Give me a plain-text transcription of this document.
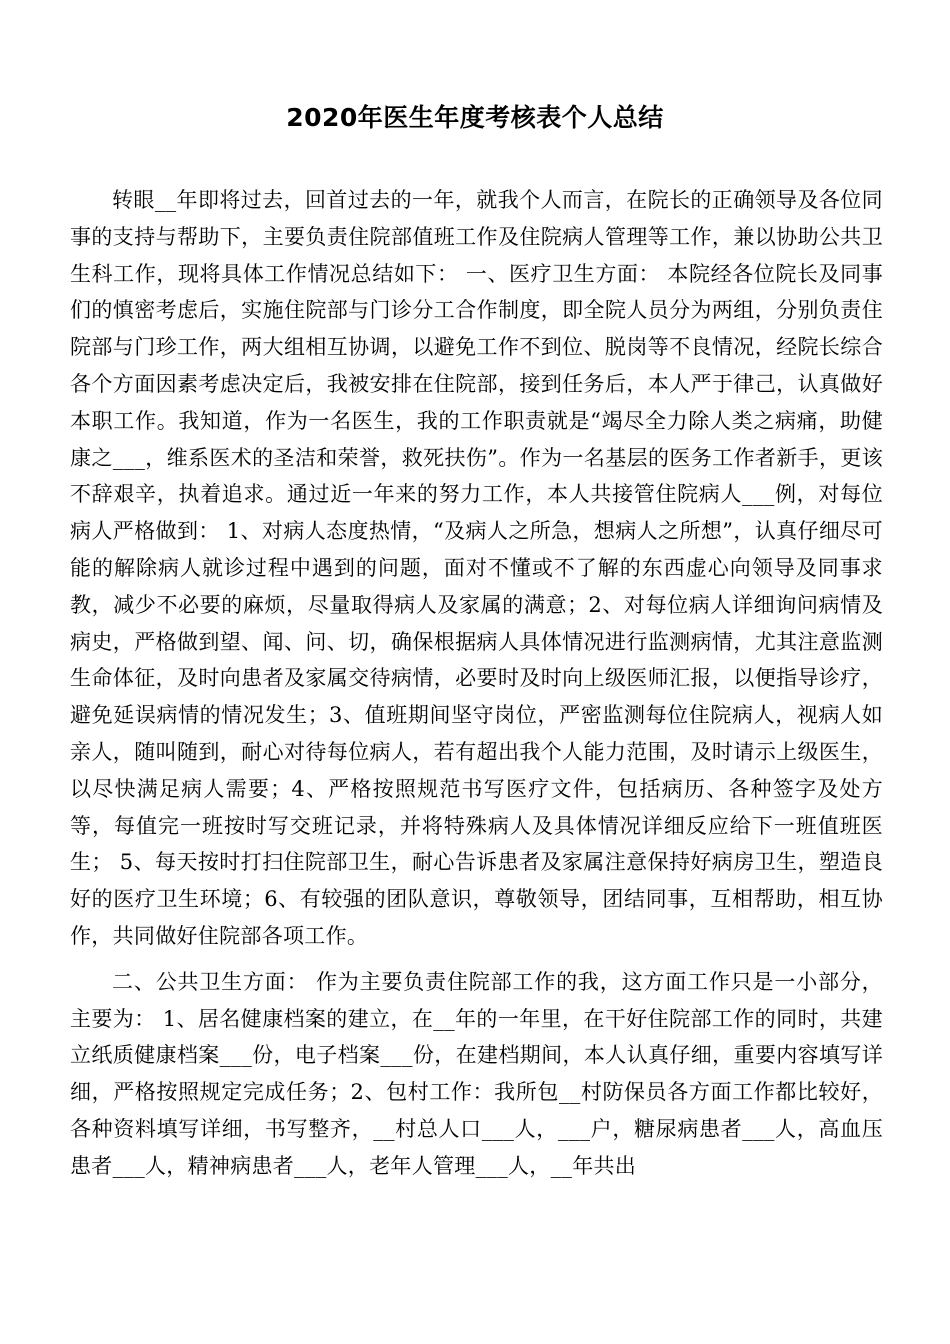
2020年医生年度考核表个人总结

转眼__年即将过去，回首过去的一年，就我个人而言，在院长的正确领导及各位同事的支持与帮助下，主要负责住院部值班工作及住院病人管理等工作，兼以协助公共卫生科工作，现将具体工作情况总结如下： 一、医疗卫生方面： 本院经各位院长及同事们的慎密考虑后，实施住院部与门诊分工合作制度，即全院人员分为两组，分别负责住院部与门珍工作，两大组相互协调，以避免工作不到位、脱岗等不良情况，经院长综合各个方面因素考虑决定后，我被安排在住院部，接到任务后，本人严于律己，认真做好本职工作。我知道，作为一名医生，我的工作职责就是“竭尽全力除人类之病痛，助健康之___，维系医术的圣洁和荣誉，救死扶伤”。作为一名基层的医务工作者新手，更该不辞艰辛，执着追求。通过近一年来的努力工作，本人共接管住院病人___例，对每位病人严格做到： 1、对病人态度热情，“及病人之所急，想病人之所想”，认真仔细尽可能的解除病人就诊过程中遇到的问题，面对不懂或不了解的东西虚心向领导及同事求教，减少不必要的麻烦，尽量取得病人及家属的满意；2、对每位病人详细询问病情及病史，严格做到望、闻、问、切，确保根据病人具体情况进行监测病情，尤其注意监测生命体征，及时向患者及家属交待病情，必要时及时向上级医师汇报，以便指导诊疗，避免延误病情的情况发生；3、值班期间坚守岗位，严密监测每位住院病人，视病人如亲人，随叫随到，耐心对待每位病人，若有超出我个人能力范围，及时请示上级医生，以尽快满足病人需要；4、严格按照规范书写医疗文件，包括病历、各种签字及处方等，每值完一班按时写交班记录，并将特殊病人及具体情况详细反应给下一班值班医生； 5、每天按时打扫住院部卫生，耐心告诉患者及家属注意保持好病房卫生，塑造良好的医疗卫生环境；6、有较强的团队意识，尊敬领导，团结同事，互相帮助，相互协作，共同做好住院部各项工作。

二、公共卫生方面： 作为主要负责住院部工作的我，这方面工作只是一小部分，主要为： 1、居名健康档案的建立，在__年的一年里，在干好住院部工作的同时，共建立纸质健康档案___份，电子档案___份，在建档期间，本人认真仔细，重要内容填写详细，严格按照规定完成任务；2、包村工作：我所包__村防保员各方面工作都比较好，各种资料填写详细，书写整齐，__村总人口___人，___户，糖尿病患者___人，高血压患者___人，精神病患者___人，老年人管理___人，__年共出
